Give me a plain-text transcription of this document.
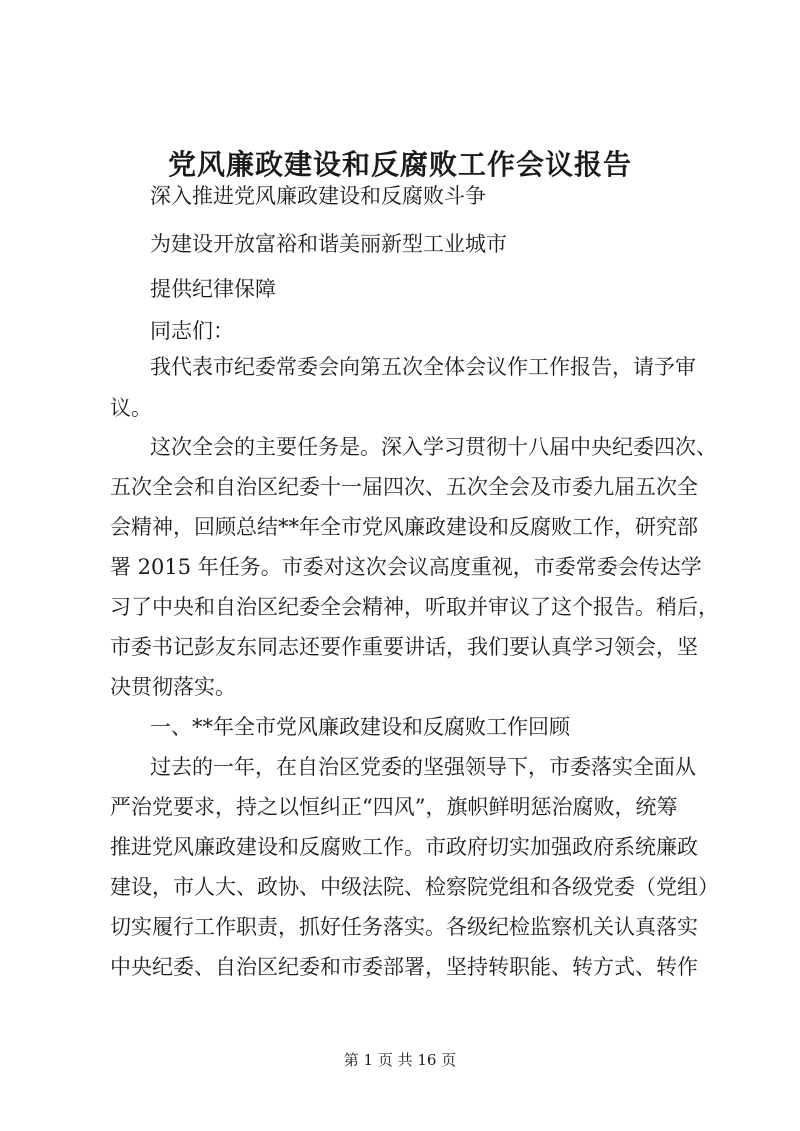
党风廉政建设和反腐败工作会议报告
深入推进党风廉政建设和反腐败斗争
为建设开放富裕和谐美丽新型工业城市
提供纪律保障
同志们：
我代表市纪委常委会向第五次全体会议作工作报告，请予审
议。
这次全会的主要任务是。深入学习贯彻十八届中央纪委四次、
五次全会和自治区纪委十一届四次、五次全会及市委九届五次全
会精神，回顾总结**年全市党风廉政建设和反腐败工作，研究部
署 2015 年任务。市委对这次会议高度重视，市委常委会传达学
习了中央和自治区纪委全会精神，听取并审议了这个报告。稍后，
市委书记彭友东同志还要作重要讲话，我们要认真学习领会，坚
决贯彻落实。
一、**年全市党风廉政建设和反腐败工作回顾
过去的一年，在自治区党委的坚强领导下，市委落实全面从
严治党要求，持之以恒纠正“四风”，旗帜鲜明惩治腐败，统筹
推进党风廉政建设和反腐败工作。市政府切实加强政府系统廉政
建设，市人大、政协、中级法院、检察院党组和各级党委（党组）
切实履行工作职责，抓好任务落实。各级纪检监察机关认真落实
中央纪委、自治区纪委和市委部署，坚持转职能、转方式、转作
第 1 页 共 16 页
